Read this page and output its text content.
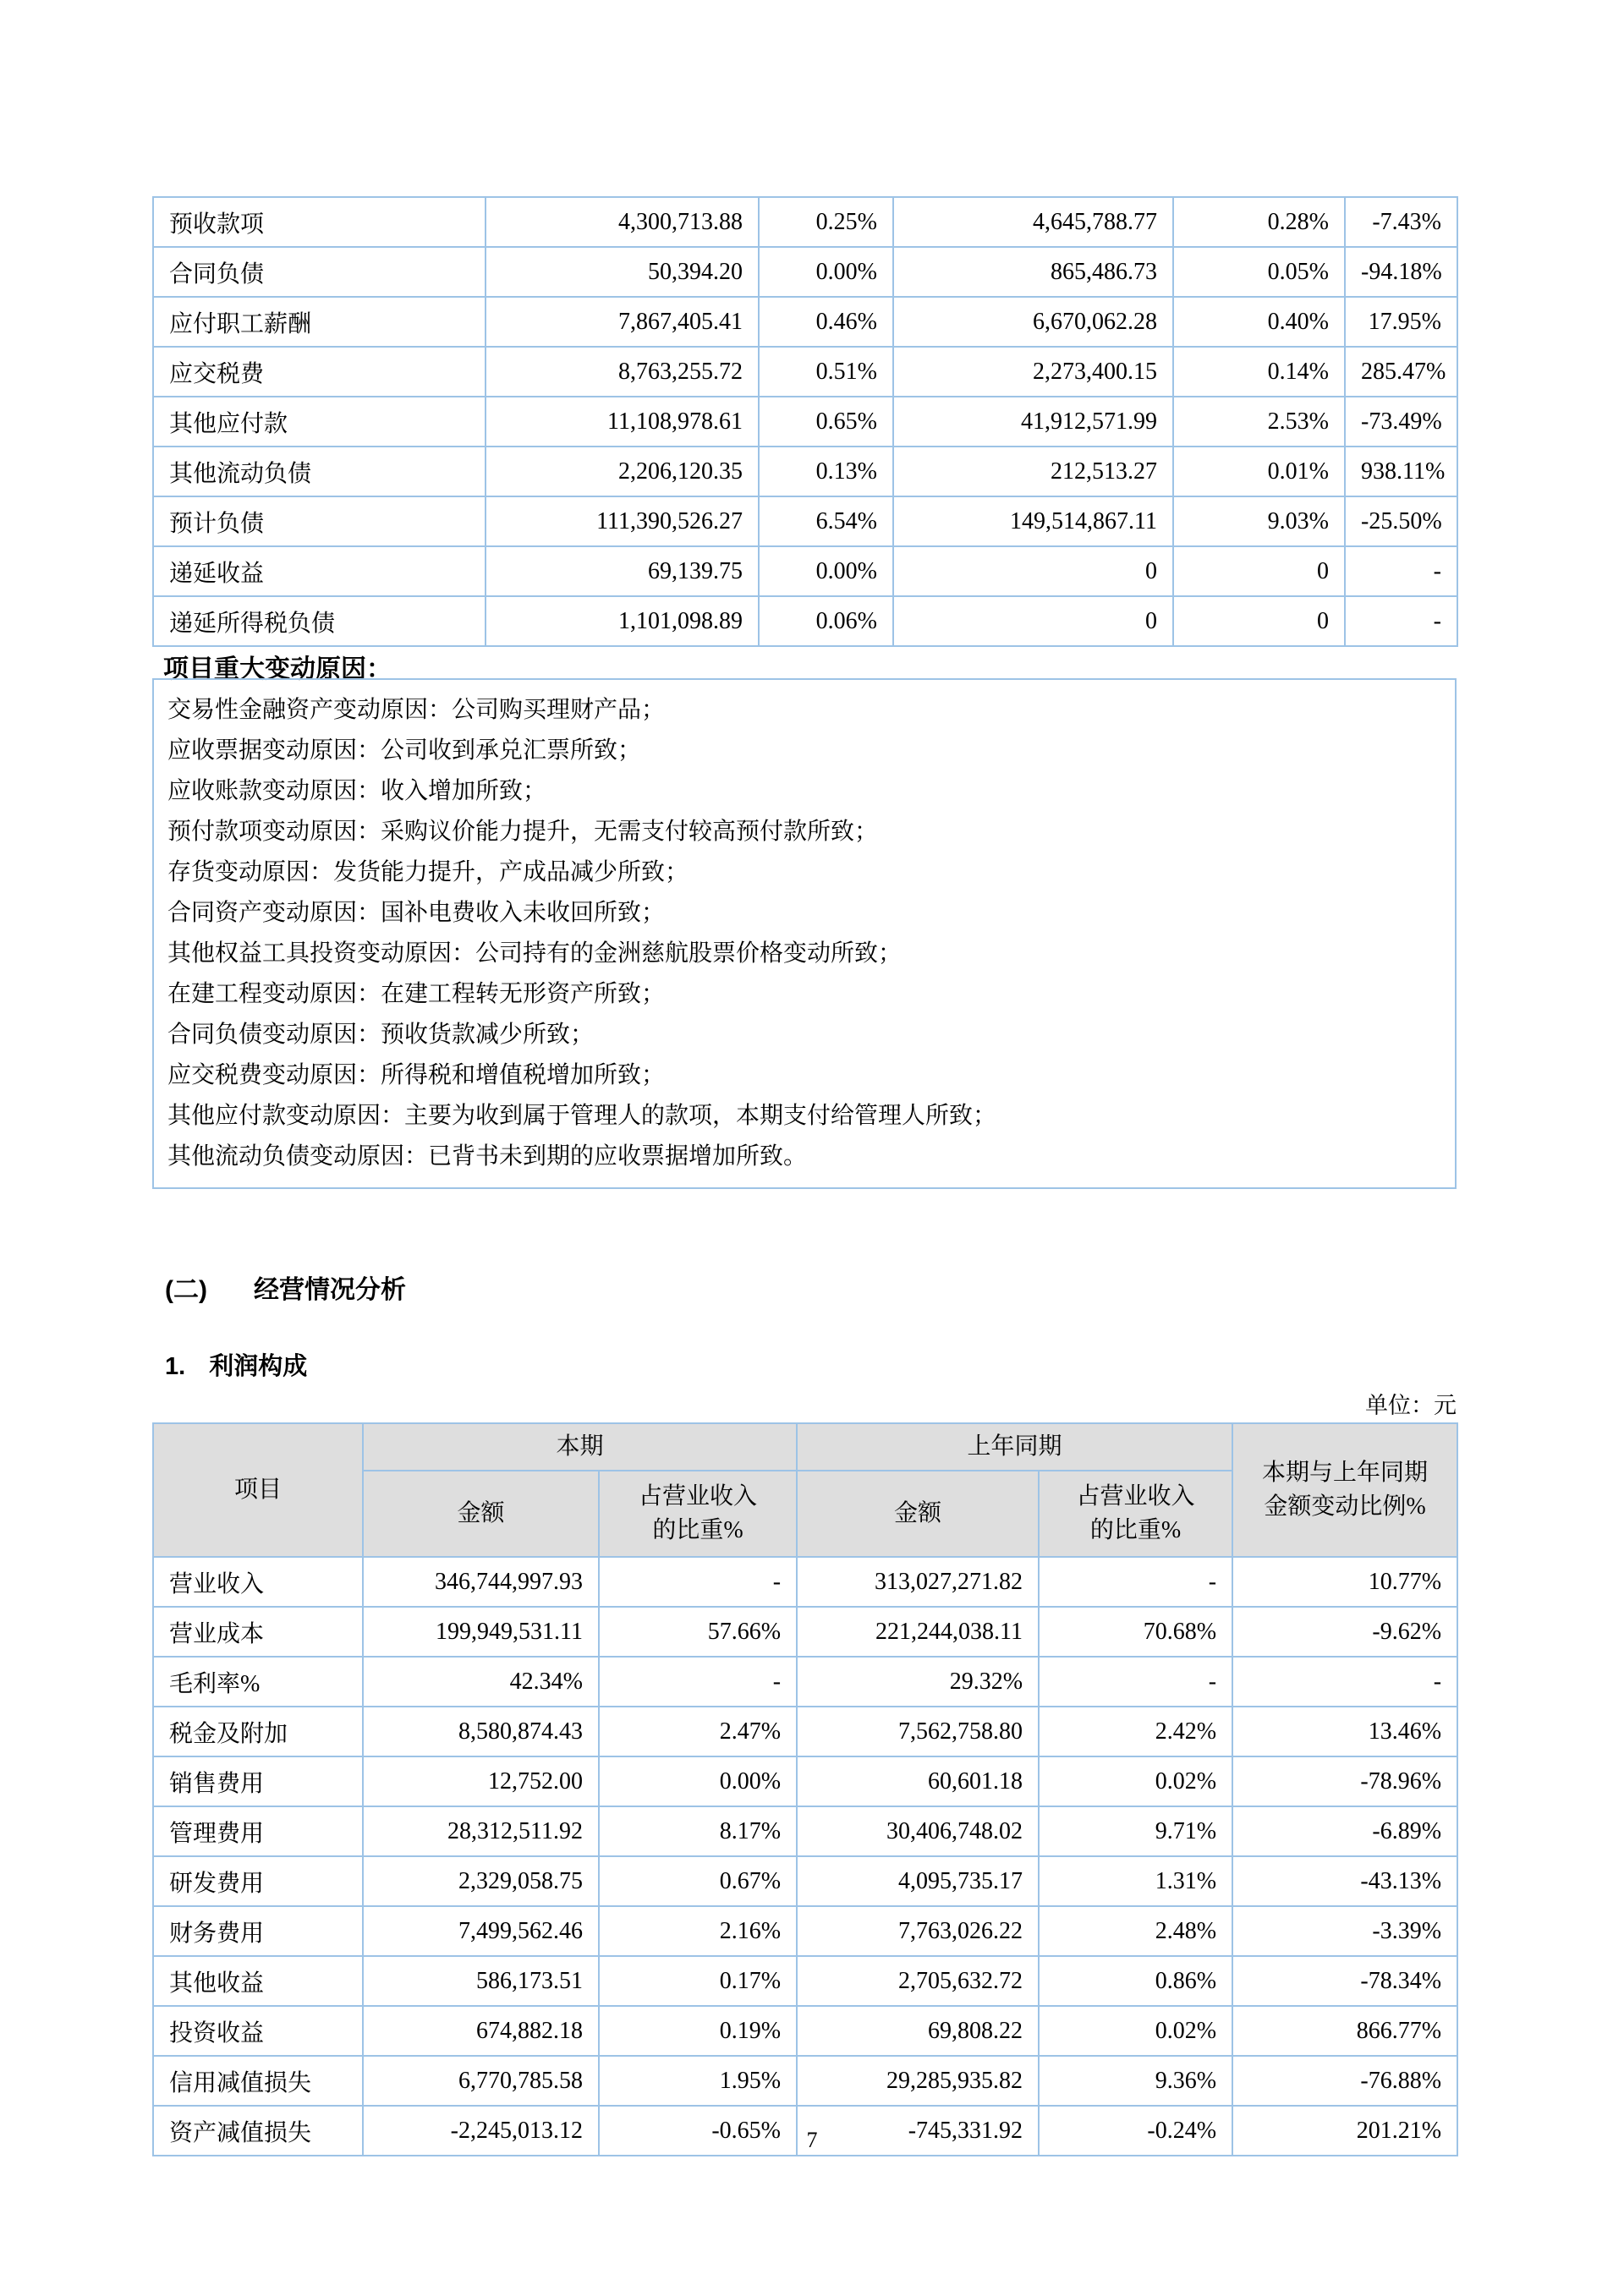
预收款项	4,300,713.88	0.25%	4,645,788.77	0.28%	-7.43%
合同负债	50,394.20	0.00%	865,486.73	0.05%	-94.18%
应付职工薪酬	7,867,405.41	0.46%	6,670,062.28	0.40%	17.95%
应交税费	8,763,255.72	0.51%	2,273,400.15	0.14%	285.47%
其他应付款	11,108,978.61	0.65%	41,912,571.99	2.53%	-73.49%
其他流动负债	2,206,120.35	0.13%	212,513.27	0.01%	938.11%
预计负债	111,390,526.27	6.54%	149,514,867.11	9.03%	-25.50%
递延收益	69,139.75	0.00%	0	0	-
递延所得税负债	1,101,098.89	0.06%	0	0	-
项目重大变动原因：
交易性金融资产变动原因：公司购买理财产品；
应收票据变动原因：公司收到承兑汇票所致；
应收账款变动原因：收入增加所致；
预付款项变动原因：采购议价能力提升，无需支付较高预付款所致；
存货变动原因：发货能力提升，产成品减少所致；
合同资产变动原因：国补电费收入未收回所致；
其他权益工具投资变动原因：公司持有的金洲慈航股票价格变动所致；
在建工程变动原因：在建工程转无形资产所致；
合同负债变动原因：预收货款减少所致；
应交税费变动原因：所得税和增值税增加所致；
其他应付款变动原因：主要为收到属于管理人的款项，本期支付给管理人所致；
其他流动负债变动原因：已背书未到期的应收票据增加所致。
(二) 经营情况分析
1. 利润构成
单位：元
项目	本期		上年同期		本期与上年同期金额变动比例%
	金额	占营业收入的比重%	金额	占营业收入的比重%	
营业收入	346,744,997.93	-	313,027,271.82	-	10.77%
营业成本	199,949,531.11	57.66%	221,244,038.11	70.68%	-9.62%
毛利率%	42.34%	-	29.32%	-	-
税金及附加	8,580,874.43	2.47%	7,562,758.80	2.42%	13.46%
销售费用	12,752.00	0.00%	60,601.18	0.02%	-78.96%
管理费用	28,312,511.92	8.17%	30,406,748.02	9.71%	-6.89%
研发费用	2,329,058.75	0.67%	4,095,735.17	1.31%	-43.13%
财务费用	7,499,562.46	2.16%	7,763,026.22	2.48%	-3.39%
其他收益	586,173.51	0.17%	2,705,632.72	0.86%	-78.34%
投资收益	674,882.18	0.19%	69,808.22	0.02%	866.77%
信用减值损失	6,770,785.58	1.95%	29,285,935.82	9.36%	-76.88%
资产减值损失	-2,245,013.12	-0.65%	-745,331.92	-0.24%	201.21%
7
